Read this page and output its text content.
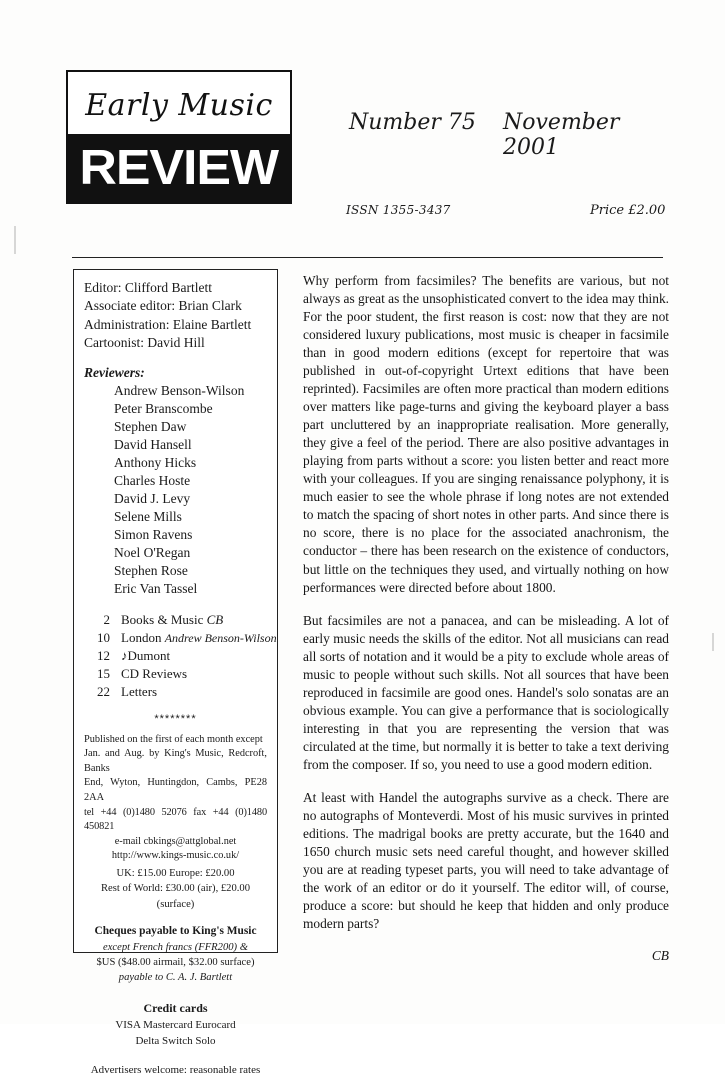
Early Music
REVIEW
Number 75 November 2001
ISSN 1355-3437	Price £2.00
Editor: Clifford Bartlett
Associate editor: Brian Clark
Administration: Elaine Bartlett
Cartoonist: David Hill
Reviewers:
Andrew Benson-Wilson
Peter Branscombe
Stephen Daw
David Hansell
Anthony Hicks
Charles Hoste
David J. Levy
Selene Mills
Simon Ravens
Noel O'Regan
Stephen Rose
Eric Van Tassel
2 Books & Music CB
10 London Andrew Benson-Wilson
12 ♪Dumont
15 CD Reviews
22 Letters
********
Published on the first of each month except
Jan. and Aug. by King's Music, Redcroft, Banks
End, Wyton, Huntingdon, Cambs, PE28 2AA
tel +44 (0)1480 52076 fax +44 (0)1480 450821
e-mail cbkings@attglobal.net
http://www.kings-music.co.uk/
UK: £15.00 Europe: £20.00
Rest of World: £30.00 (air), £20.00 (surface)
Cheques payable to King's Music
except French francs (FFR200) &
$US ($48.00 airmail, $32.00 surface)
payable to C. A. J. Bartlett
Credit cards
VISA Mastercard Eurocard
Delta Switch Solo
Advertisers welcome: reasonable rates

Why perform from facsimiles? The benefits are various, but not always as great as the unsophisticated convert to the idea may think. For the poor student, the first reason is cost: now that they are not considered luxury publications, most music is cheaper in facsimile than in good modern editions (except for repertoire that was published in out-of-copyright Urtext editions that have been reprinted). Facsimiles are often more practical than modern editions over matters like page-turns and giving the keyboard player a bass part uncluttered by an inappropriate realisation. More generally, they give a feel of the period. There are also positive advantages in playing from parts without a score: you listen better and react more with your colleagues. If you are singing renaissance polyphony, it is much easier to see the whole phrase if long notes are not extended to match the spacing of short notes in other parts. And since there is no score, there is no place for the associated anachronism, the conductor – there has been research on the existence of conductors, but little on the techniques they used, and virtually nothing on how performances were directed before about 1800.

But facsimiles are not a panacea, and can be misleading. A lot of early music needs the skills of the editor. Not all musicians can read all sorts of notation and it would be a pity to exclude whole areas of music to people without such skills. Not all sources that have been reproduced in facsimile are good ones. Handel's solo sonatas are an obvious example. You can give a performance that is sociologically interesting in that you are representing the version that was circulated at the time, but normally it is better to take a text deriving from the composer. If so, you need to use a good modern edition.

At least with Handel the autographs survive as a check. There are no autographs of Monteverdi. Most of his music survives in printed editions. The madrigal books are pretty accurate, but the 1640 and 1650 church music sets need careful thought, and however skilled you are at reading typeset parts, you will need to take advantage of the work of an editor or do it yourself. The editor will, of course, produce a score: but should he keep that hidden and only produce modern parts?

CB
